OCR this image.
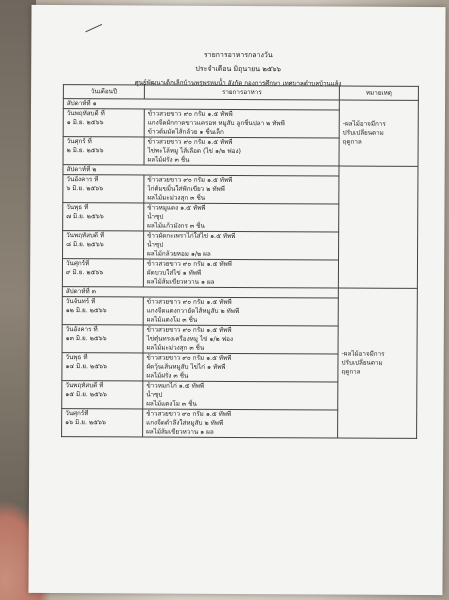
รายการอาหารกลางวัน
ประจำเดือน มิถุนายน ๒๕๖๖
ศูนย์พัฒนาเด็กเล็กบ้านพรุพรหมน้ำ สังกัด กองการศึกษา เทศบาลตำบลบ้านแล้ง
วันเดือนปี	รายการอาหาร	หมายเหตุ
สัปดาห์ที่ ๑		-ผลไม้อาจมีการ
ปรับเปลี่ยนตาม
ฤดูกาล

วันพฤหัสบดี ที่
๑ มิ.ย. ๒๕๖๖	ข้าวสวยขาว ๙๐ กรัม ๑.๕ ทัพพี
แกงจืดผักกาดขาวแครอท หมูสับ ลูกชิ้นปลา ๒ ทัพพี
ข้าวต้มมัดไส้กล้วย ๑ ชิ้นเล็ก	

วันศุกร์ ที่
๒ มิ.ย. ๒๕๖๖	ข้าวสวยขาว ๙๐ กรัม ๑.๕ ทัพพี
ไข่พะโล้หมู ไส้เลือด (ไข่ ๑/๒ ฟอง)
ผลไม้ฝรั่ง ๓ ชิ้น	

สัปดาห์ที่ ๒		

วันอังคาร ที่
๖ มิ.ย. ๒๕๖๖	ข้าวสวยขาว ๙๐ กรัม ๑.๕ ทัพพี
ไก่ต้มขมิ้นใส่ฟักเขียว ๒ ทัพพี
ผลไม้มะม่วงสุก ๓ ชิ้น	

วันพุธ ที่
๗ มิ.ย. ๒๕๖๖	ข้าวหมูแดง ๑.๕ ทัพพี
น้ำซุป
ผลไม้แก้วมังกร ๓ ชิ้น	

วันพฤหัสบดี ที่
๘ มิ.ย. ๒๕๖๖	ข้าวผัดกะเพราไก่ใส่ไข่ ๑.๕ ทัพพี
น้ำซุป
ผลไม้กล้วยหอม ๑/๒ ผล	

วันศุกร์ที่
๙ มิ.ย. ๒๕๖๖	ข้าวสวยขาว ๙๐ กรัม ๑.๕ ทัพพี
ผัดบวบใส่ไข่ ๑ ทัพพี
ผลไม้ส้มเขียวหวาน ๑ ผล	

สัปดาห์ที่ ๓		-ผลไม้อาจมีการ
ปรับเปลี่ยนตาม
ฤดูกาล

วันจันทร์ ที่
๑๒ มิ.ย. ๒๕๖๖	ข้าวสวยขาว ๙๐ กรัม ๑.๕ ทัพพี
แกงจืดแตงกวายัดไส้หมูสับ ๒ ทัพพี
ผลไม้แตงโม ๓ ชิ้น	

วันอังคาร ที่
๑๓ มิ.ย. ๒๕๖๖	ข้าวสวยขาว ๙๐ กรัม ๑.๕ ทัพพี
ไข่ตุ๋นทรงเครื่องหมู ไข่ ๑/๒ ฟอง
ผลไม้มะม่วงสุก ๓ ชิ้น	

วันพุธ ที่
๑๔ มิ.ย. ๒๕๖๖	ข้าวสวยขาว ๙๐ กรัม ๑.๕ ทัพพี
ผัดวุ้นเส้นหมูสับ ไข่ไก่ ๑ ทัพพี
ผลไม้ฝรั่ง ๓ ชิ้น	

วันพฤหัสบดี ที่
๑๕ มิ.ย. ๒๕๖๖	ข้าวหมกไก่ ๑.๕ ทัพพี
น้ำซุป
ผลไม้แตงโม ๓ ชิ้น	

วันศุกร์ที่
๑๖ มิ.ย. ๒๕๖๖	ข้าวสวยขาว ๙๐ กรัม ๑.๕ ทัพพี
แกงจืดตำลึงใส่หมูสับ ๒ ทัพพี
ผลไม้ส้มเขียวหวาน ๑ ผล	
